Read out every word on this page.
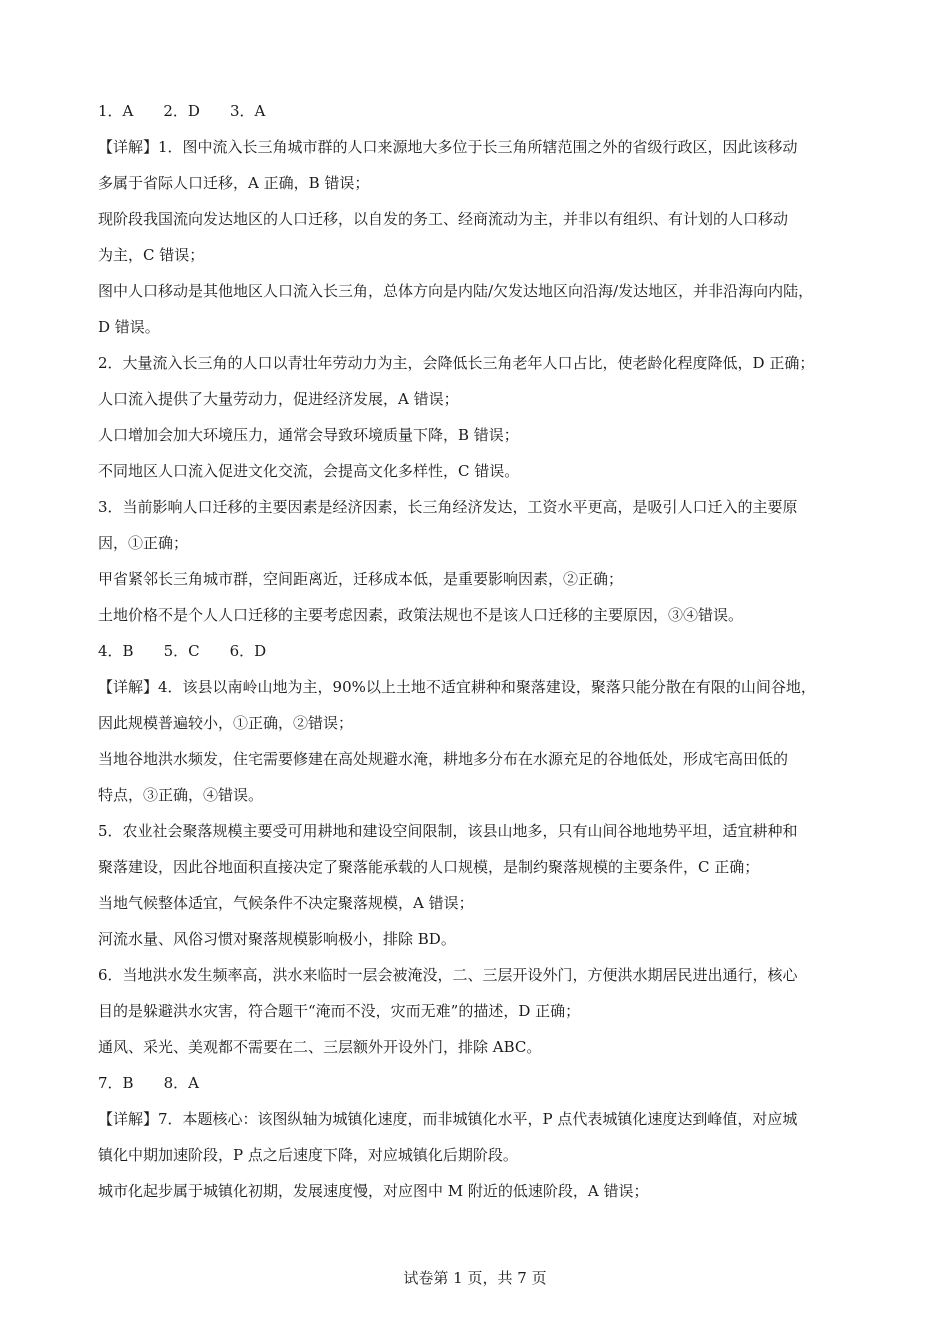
1．A　　2．D　　3．A
【详解】1．图中流入长三角城市群的人口来源地大多位于长三角所辖范围之外的省级行政区，因此该移动
多属于省际人口迁移，A 正确，B 错误；
现阶段我国流向发达地区的人口迁移，以自发的务工、经商流动为主，并非以有组织、有计划的人口移动
为主，C 错误；
图中人口移动是其他地区人口流入长三角，总体方向是内陆/欠发达地区向沿海/发达地区，并非沿海向内陆，
D 错误。
2．大量流入长三角的人口以青壮年劳动力为主，会降低长三角老年人口占比，使老龄化程度降低，D 正确；
人口流入提供了大量劳动力，促进经济发展，A 错误；
人口增加会加大环境压力，通常会导致环境质量下降，B 错误；
不同地区人口流入促进文化交流，会提高文化多样性，C 错误。
3．当前影响人口迁移的主要因素是经济因素，长三角经济发达，工资水平更高，是吸引人口迁入的主要原
因，①正确；
甲省紧邻长三角城市群，空间距离近，迁移成本低，是重要影响因素，②正确；
土地价格不是个人人口迁移的主要考虑因素，政策法规也不是该人口迁移的主要原因，③④错误。
4．B　　5．C　　6．D
【详解】4．该县以南岭山地为主，90%以上土地不适宜耕种和聚落建设，聚落只能分散在有限的山间谷地，
因此规模普遍较小，①正确，②错误；
当地谷地洪水频发，住宅需要修建在高处规避水淹，耕地多分布在水源充足的谷地低处，形成宅高田低的
特点，③正确，④错误。
5．农业社会聚落规模主要受可用耕地和建设空间限制，该县山地多，只有山间谷地地势平坦，适宜耕种和
聚落建设，因此谷地面积直接决定了聚落能承载的人口规模，是制约聚落规模的主要条件，C 正确；
当地气候整体适宜，气候条件不决定聚落规模，A 错误；
河流水量、风俗习惯对聚落规模影响极小，排除 BD。
6．当地洪水发生频率高，洪水来临时一层会被淹没，二、三层开设外门，方便洪水期居民进出通行，核心
目的是躲避洪水灾害，符合题干“淹而不没，灾而无难”的描述，D 正确；
通风、采光、美观都不需要在二、三层额外开设外门，排除 ABC。
7．B　　8．A
【详解】7．本题核心：该图纵轴为城镇化速度，而非城镇化水平，P 点代表城镇化速度达到峰值，对应城
镇化中期加速阶段，P 点之后速度下降，对应城镇化后期阶段。
城市化起步属于城镇化初期，发展速度慢，对应图中 M 附近的低速阶段，A 错误；
试卷第 1 页，共 7 页
